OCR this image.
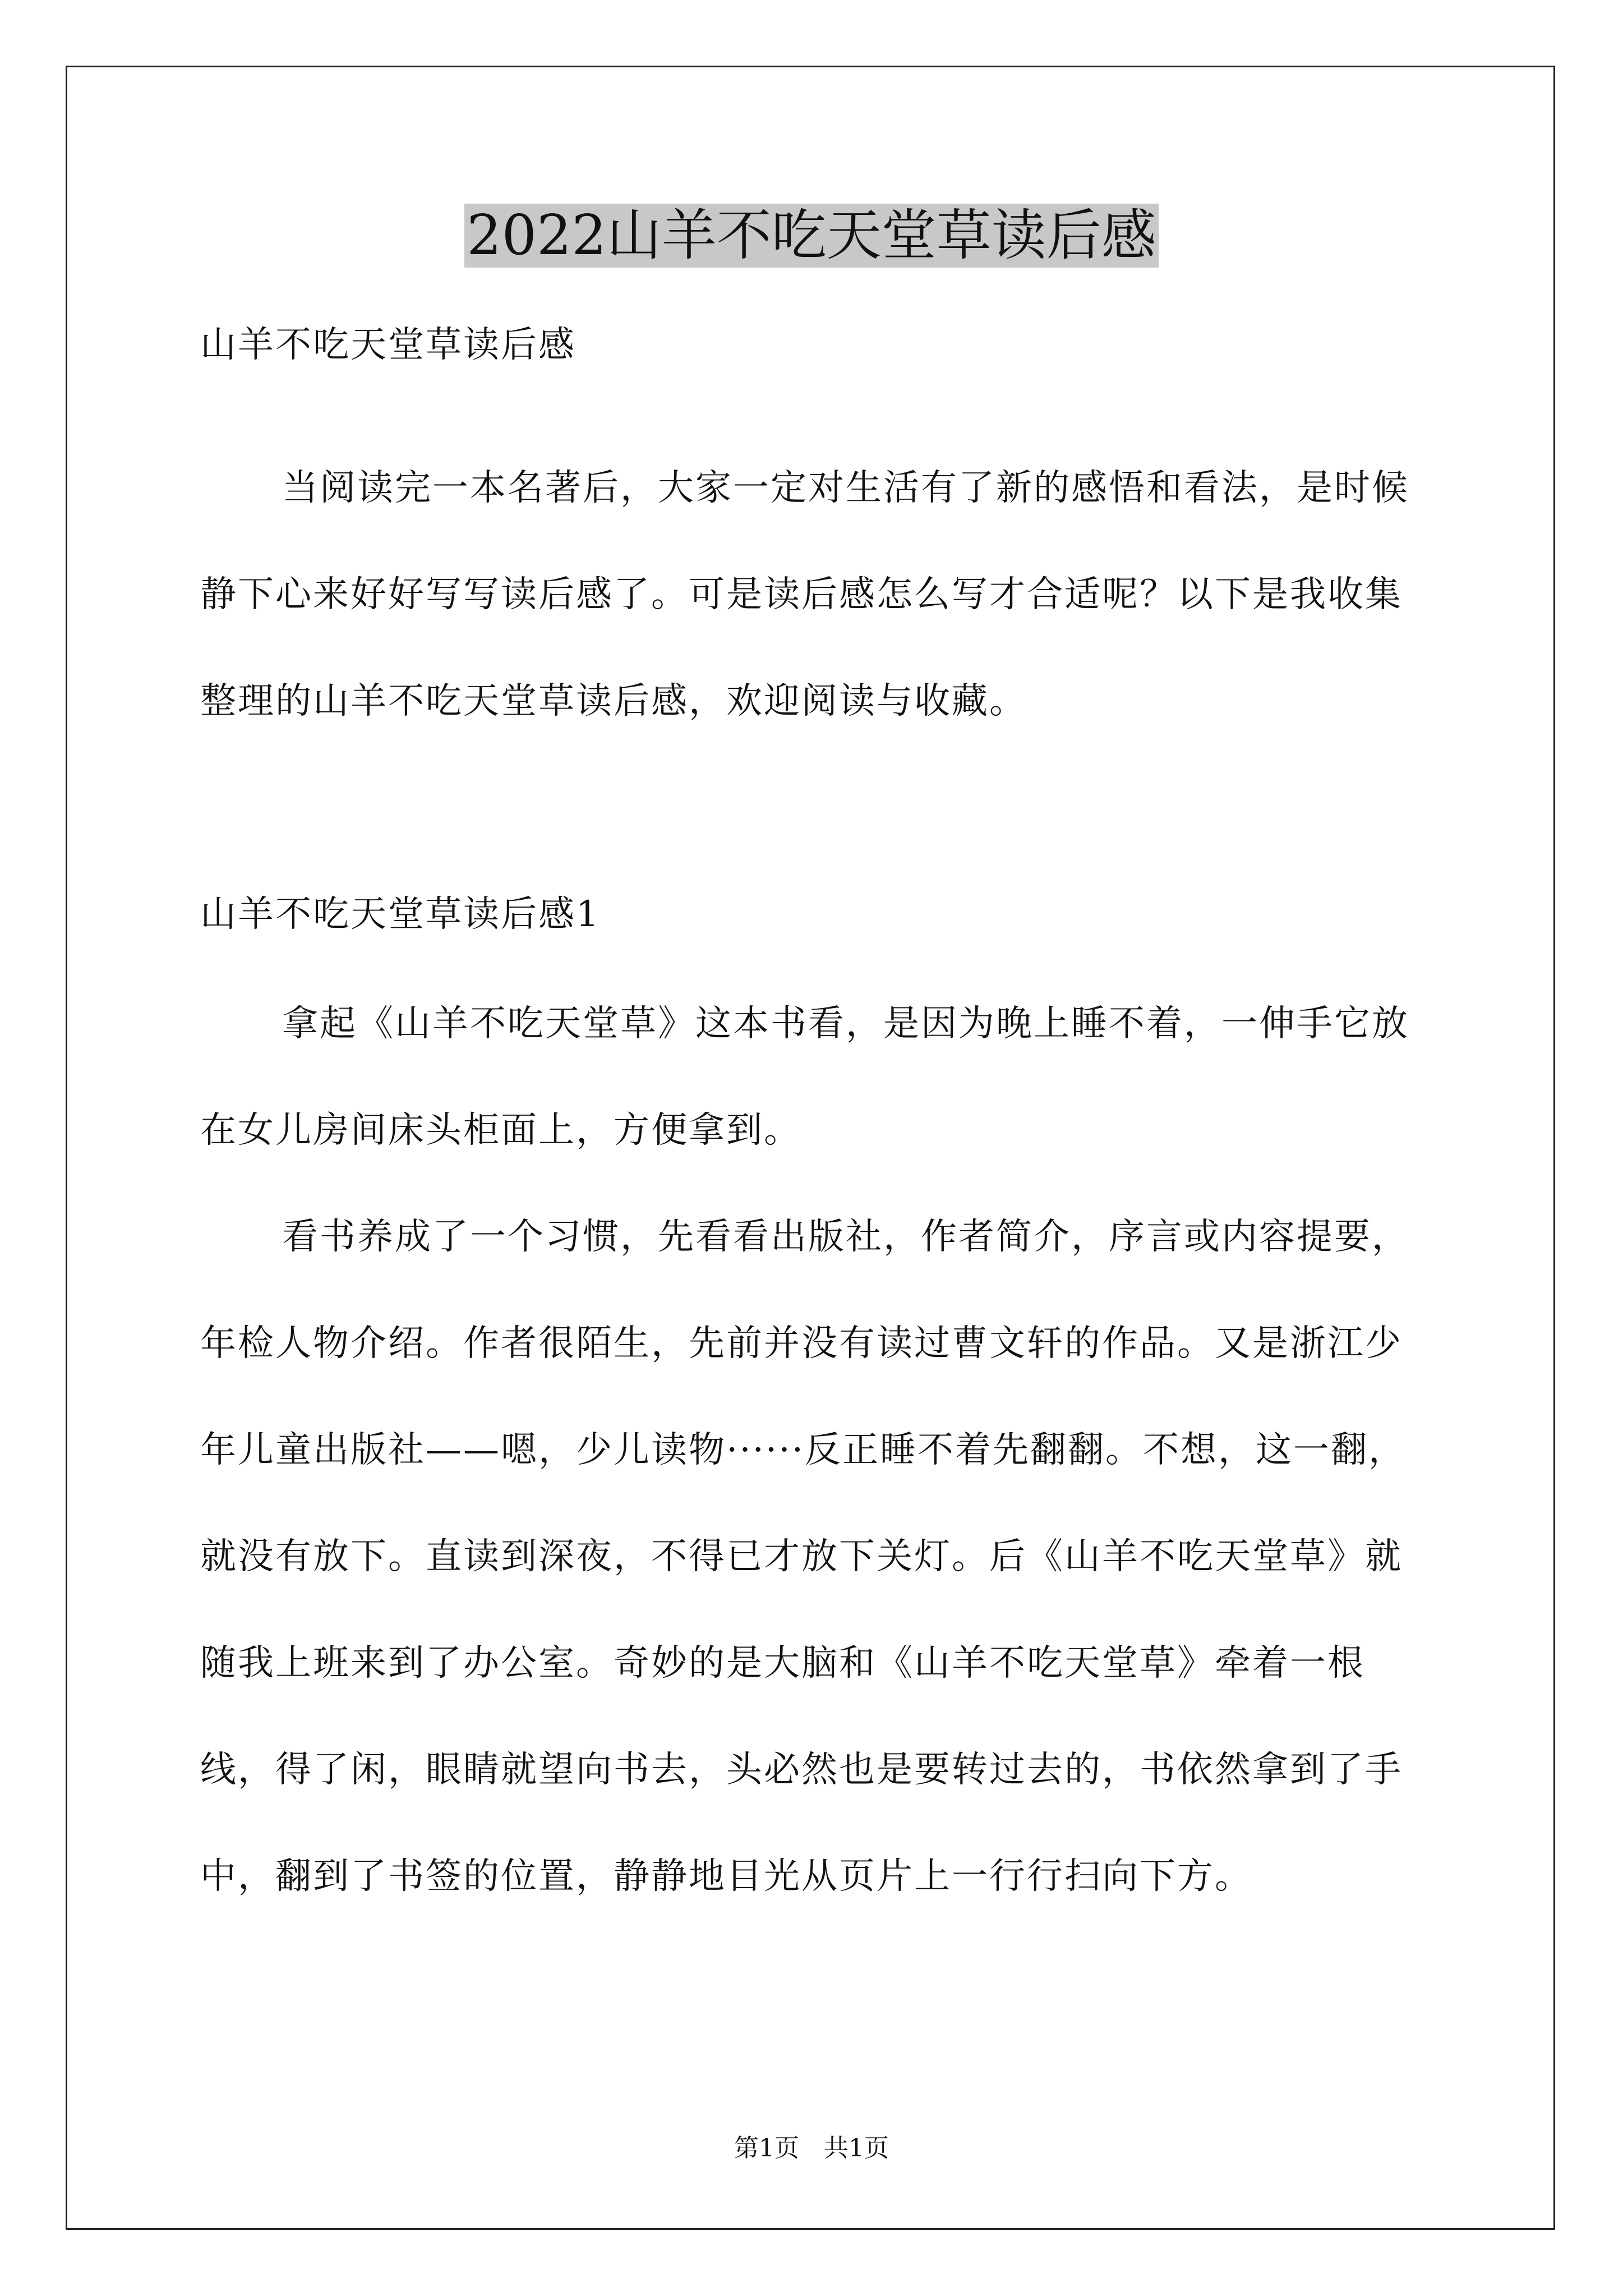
2022山羊不吃天堂草读后感
山羊不吃天堂草读后感

当阅读完一本名著后，大家一定对生活有了新的感悟和看法，是时候静下心来好好写写读后感了。可是读后感怎么写才合适呢？以下是我收集整理的山羊不吃天堂草读后感，欢迎阅读与收藏。

山羊不吃天堂草读后感1

拿起《山羊不吃天堂草》这本书看，是因为晚上睡不着，一伸手它放在女儿房间床头柜面上，方便拿到。

看书养成了一个习惯，先看看出版社，作者简介，序言或内容提要，年检人物介绍。作者很陌生，先前并没有读过曹文轩的作品。又是浙江少年儿童出版社——嗯，少儿读物······反正睡不着先翻翻。不想，这一翻，就没有放下。直读到深夜，不得已才放下关灯。后《山羊不吃天堂草》就随我上班来到了办公室。奇妙的是大脑和《山羊不吃天堂草》牵着一根线，得了闲，眼睛就望向书去，头必然也是要转过去的，书依然拿到了手中，翻到了书签的位置，静静地目光从页片上一行行扫向下方。

第1页　共1页
